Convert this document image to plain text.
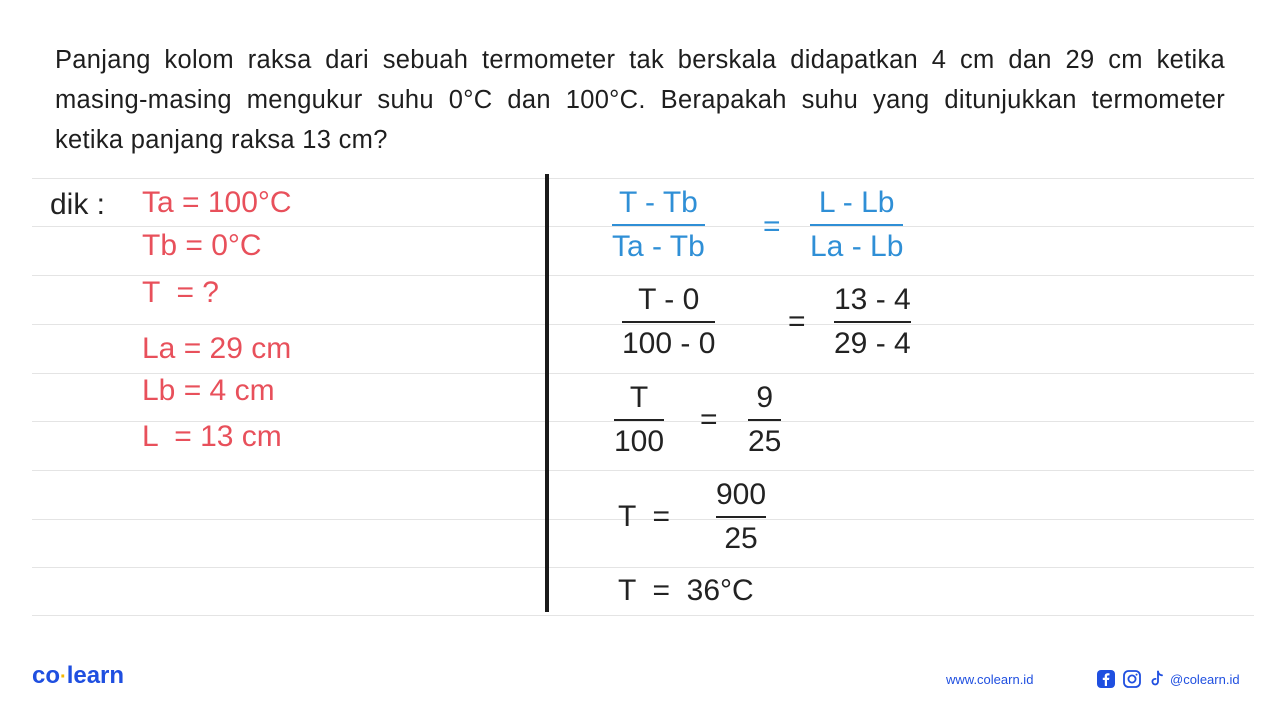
Panjang kolom raksa dari sebuah termometer tak berskala didapatkan 4 cm dan 29 cm ketika masing-masing mengukur suhu 0°C dan 100°C. Berapakah suhu yang ditunjukkan termometer ketika panjang raksa 13 cm?
dik : Ta = 100°C
Tb = 0°C
T  = ?
La = 29 cm
Lb = 4 cm
L  = 13 cm
T - Tb
Ta - Tb
=
L - Lb
La - Lb
T - 0
100 - 0
=
13 - 4
29 - 4
T
100
=
9
25
T  =
900
25
T  =  36°C
co·learn	www.colearn.id	@colearn.id
